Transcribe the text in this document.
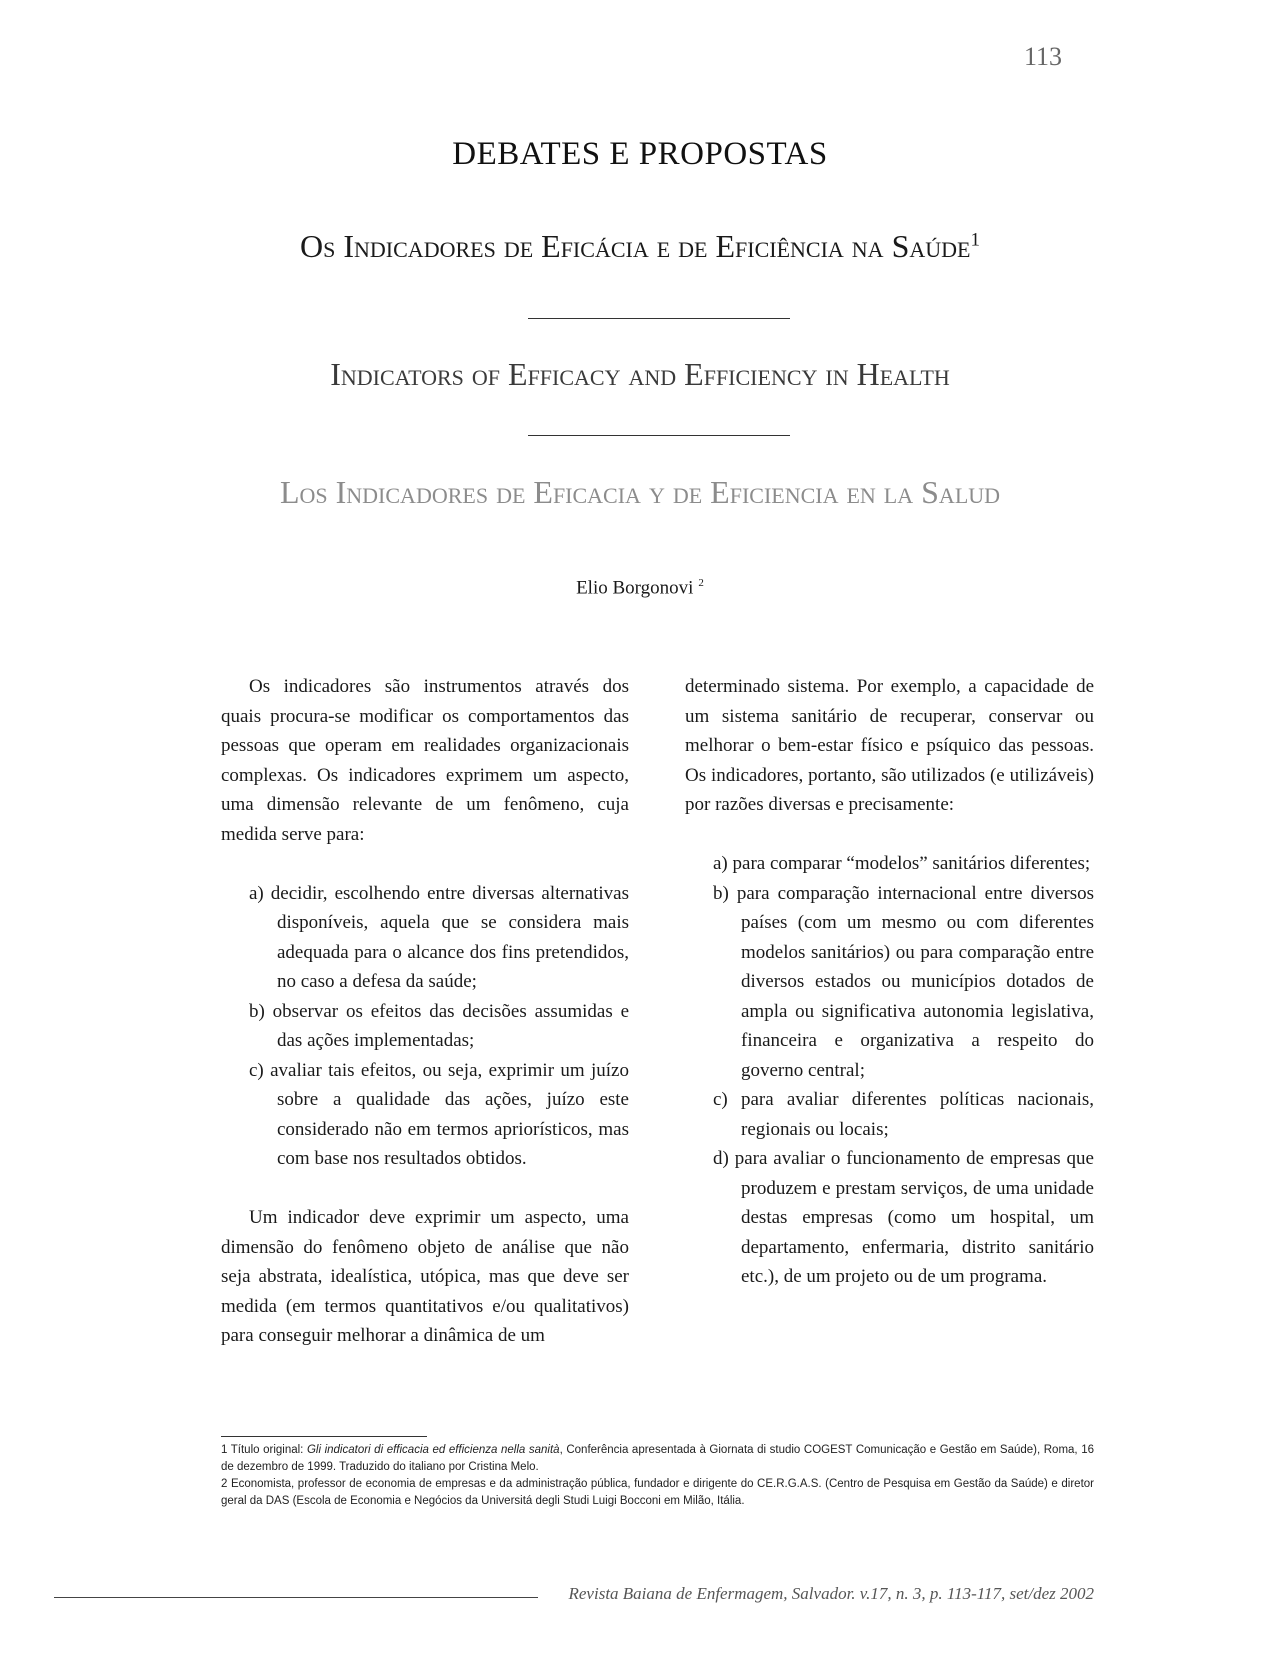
113
DEBATES E PROPOSTAS
Os Indicadores de Eficácia e de Eficiência na Saúde$^1$
Indicators of Efficacy and Efficiency in Health
Los Indicadores de Eficacia y de Eficiencia en la Salud
Elio Borgonovi $^2$

Os indicadores são instrumentos através dos quais procura-se modificar os comportamentos das pessoas que operam em realidades organizacionais complexas. Os indicadores exprimem um aspecto, uma dimensão relevante de um fenômeno, cuja medida serve para:

a) decidir, escolhendo entre diversas alternativas disponíveis, aquela que se considera mais adequada para o alcance dos fins pretendidos, no caso a defesa da saúde;
b) observar os efeitos das decisões assumidas e das ações implementadas;
c) avaliar tais efeitos, ou seja, exprimir um juízo sobre a qualidade das ações, juízo este considerado não em termos apriorísticos, mas com base nos resultados obtidos.

Um indicador deve exprimir um aspecto, uma dimensão do fenômeno objeto de análise que não seja abstrata, idealística, utópica, mas que deve ser medida (em termos quantitativos e/ou qualitativos) para conseguir melhorar a dinâmica de um

determinado sistema. Por exemplo, a capacidade de um sistema sanitário de recuperar, conservar ou melhorar o bem-estar físico e psíquico das pessoas. Os indicadores, portanto, são utilizados (e utilizáveis) por razões diversas e precisamente:

a) para comparar “modelos” sanitários diferentes;
b) para comparação internacional entre diversos países (com um mesmo ou com diferentes modelos sanitários) ou para comparação entre diversos estados ou municípios dotados de ampla ou significativa autonomia legislativa, financeira e organizativa a respeito do governo central;
c) para avaliar diferentes políticas nacionais, regionais ou locais;
d) para avaliar o funcionamento de empresas que produzem e prestam serviços, de uma unidade destas empresas (como um hospital, um departamento, enfermaria, distrito sanitário etc.), de um projeto ou de um programa.

1 Título original: Gli indicatori di efficacia ed efficienza nella sanità, Conferência apresentada à Giornata di studio COGEST Comunicação e Gestão em Saúde), Roma, 16 de dezembro de 1999. Traduzido do italiano por Cristina Melo.

2 Economista, professor de economia de empresas e da administração pública, fundador e dirigente do CE.R.G.A.S. (Centro de Pesquisa em Gestão da Saúde) e diretor geral da DAS (Escola de Economia e Negócios da Universitá degli Studi Luigi Bocconi em Milão, Itália.

Revista Baiana de Enfermagem, Salvador. v.17, n. 3, p. 113-117, set/dez 2002
